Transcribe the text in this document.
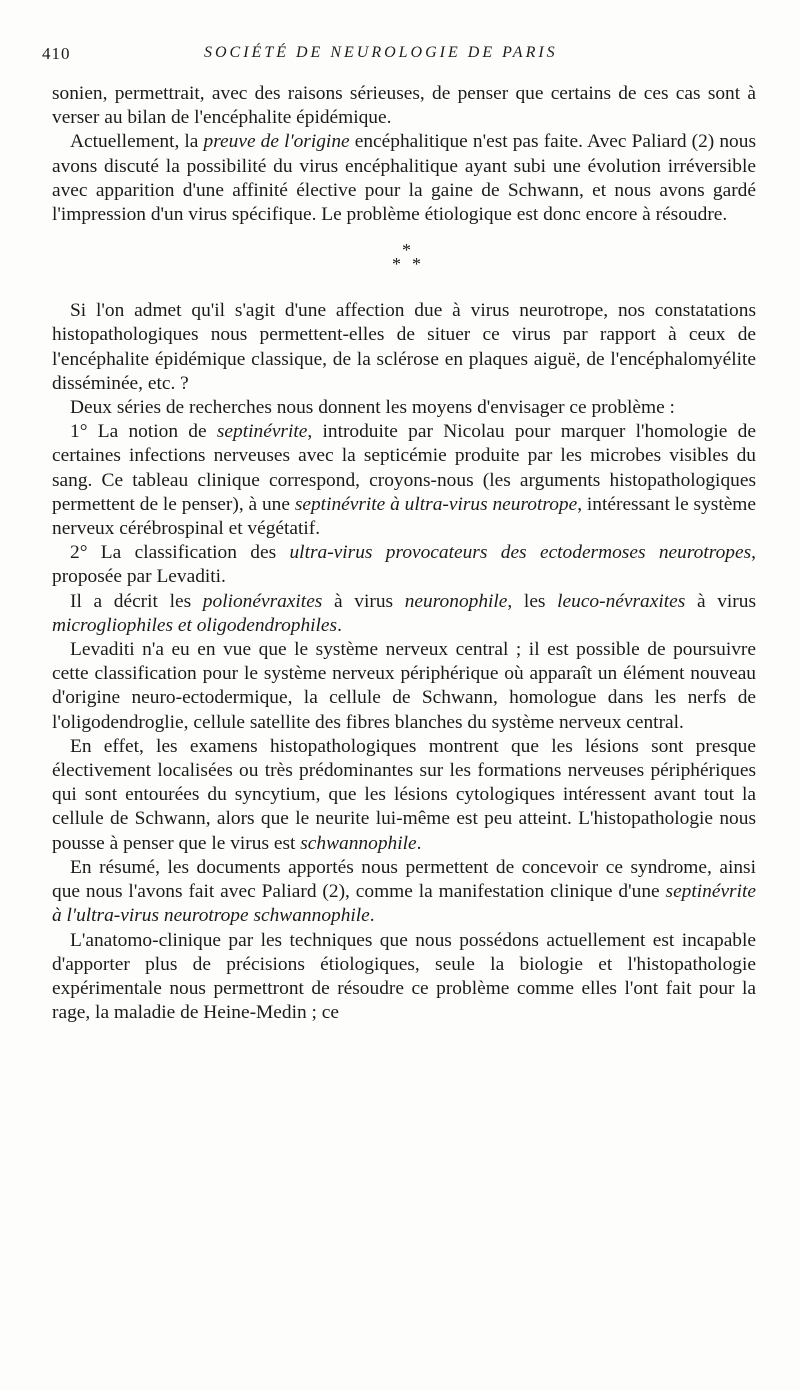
410	SOCIÉTÉ DE NEUROLOGIE DE PARIS

sonien, permettrait, avec des raisons sérieuses, de penser que certains de ces cas sont à verser au bilan de l'encéphalite épidémique.

Actuellement, la preuve de l'origine encéphalitique n'est pas faite. Avec Paliard (2) nous avons discuté la possibilité du virus encéphalitique ayant subi une évolution irréversible avec apparition d'une affinité élective pour la gaine de Schwann, et nous avons gardé l'impression d'un virus spécifique. Le problème étiologique est donc encore à résoudre.

*
* *

Si l'on admet qu'il s'agit d'une affection due à virus neurotrope, nos constatations histopathologiques nous permettent-elles de situer ce virus par rapport à ceux de l'encéphalite épidémique classique, de la sclérose en plaques aiguë, de l'encéphalomyélite disséminée, etc. ?

Deux séries de recherches nous donnent les moyens d'envisager ce problème :

1° La notion de septinévrite, introduite par Nicolau pour marquer l'homologie de certaines infections nerveuses avec la septicémie produite par les microbes visibles du sang. Ce tableau clinique correspond, croyons-nous (les arguments histopathologiques permettent de le penser), à une septinévrite à ultra-virus neurotrope, intéressant le système nerveux cérébrospinal et végétatif.

2° La classification des ultra-virus provocateurs des ectodermoses neurotropes, proposée par Levaditi.

Il a décrit les polionévraxites à virus neuronophile, les leuco-névraxites à virus microgliophiles et oligodendrophiles.

Levaditi n'a eu en vue que le système nerveux central ; il est possible de poursuivre cette classification pour le système nerveux périphérique où apparaît un élément nouveau d'origine neuro-ectodermique, la cellule de Schwann, homologue dans les nerfs de l'oligodendroglie, cellule satellite des fibres blanches du système nerveux central.

En effet, les examens histopathologiques montrent que les lésions sont presque électivement localisées ou très prédominantes sur les formations nerveuses périphériques qui sont entourées du syncytium, que les lésions cytologiques intéressent avant tout la cellule de Schwann, alors que le neurite lui-même est peu atteint. L'histopathologie nous pousse à penser que le virus est schwannophile.

En résumé, les documents apportés nous permettent de concevoir ce syndrome, ainsi que nous l'avons fait avec Paliard (2), comme la manifestation clinique d'une septinévrite à l'ultra-virus neurotrope schwannophile.

L'anatomo-clinique par les techniques que nous possédons actuellement est incapable d'apporter plus de précisions étiologiques, seule la biologie et l'histopathologie expérimentale nous permettront de résoudre ce problème comme elles l'ont fait pour la rage, la maladie de Heine-Medin ; ce
